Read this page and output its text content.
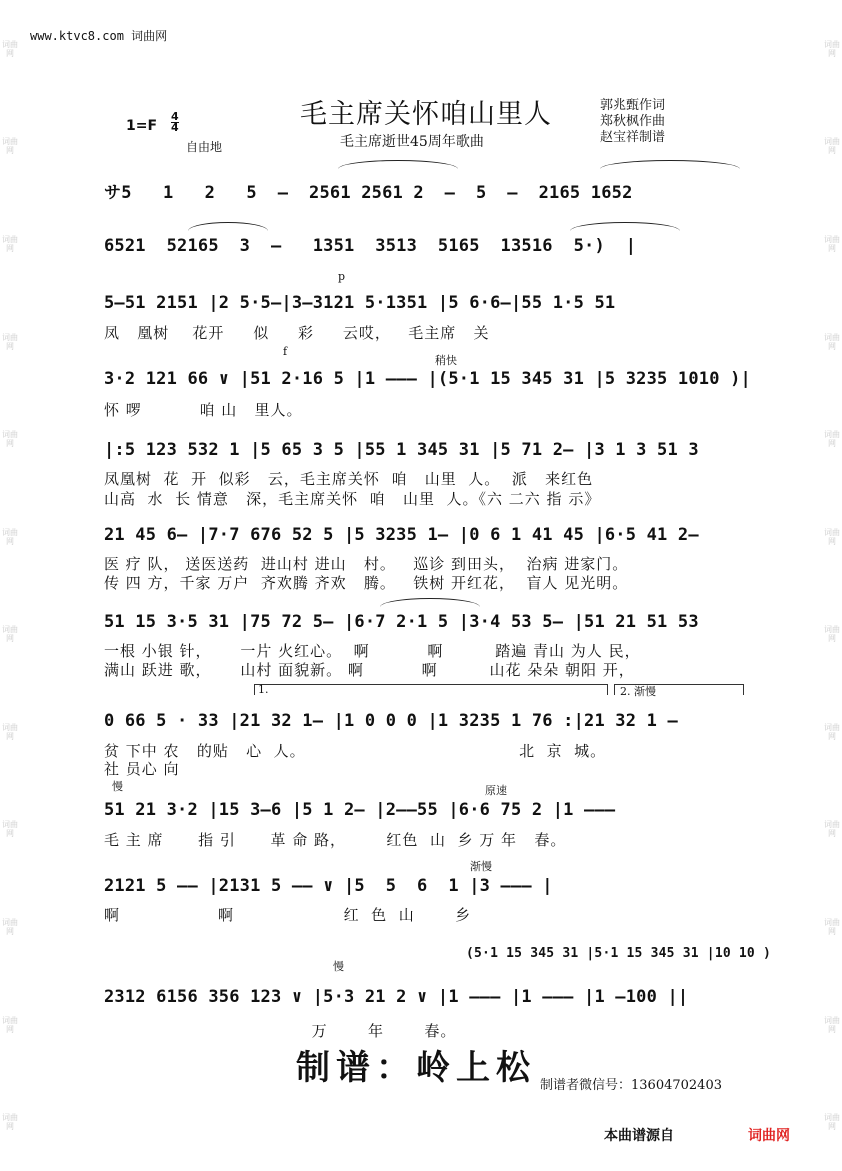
词曲网
词曲网
词曲网
词曲网
词曲网
词曲网
词曲网
词曲网
词曲网
词曲网
词曲网
词曲网
词曲网
词曲网
词曲网
词曲网
词曲网
词曲网
词曲网
词曲网
词曲网
词曲网
词曲网
词曲网
www.ktvc8.com 词曲网
毛主席关怀咱山里人
毛主席逝世45周年歌曲
郭兆甄作词
郑秋枫作曲
赵宝祥制谱
1=F
4
4
自由地
サ5   1   2   5  –  2561 2561 2  –  5  –  2165 1652
6521  52165  3  –   1351  3513  5165  13516  5·)  |
p
5–51 2151 |2 5·5–|3–3121 5·1351 |5 6·6–|55 1·5 51
凤   凰树    花开     似     彩     云哎，   毛主席   关
f
稍快
3·2 121 66 ∨ |51 2·16 5 |1 ––– |(5·1 15 345 31 |5 3235 1010 )|
怀 啰          咱 山   里人。
|:5 123 532 1 |5 65 3 5 |55 1 345 31 |5 71 2– |3 1 3 51 3
凤凰树  花  开  似彩   云，毛主席关怀  咱   山里  人。  派   来红色
山高  水  长 情意   深，毛主席关怀  咱   山里  人。《六 二六 指 示》
21 45 6– |7·7 676 52 5 |5 3235 1– |0 6 1 41 45 |6·5 41 2–
医 疗 队， 送医送药  进山村 进山   村。   巡诊 到田头，  治病 进家门。
传 四 方，千家 万户  齐欢腾 齐欢   腾。   铁树 开红花，  盲人 见光明。
51 15 3·5 31 |75 72 5– |6·7 2·1 5 |3·4 53 5– |51 21 51 53
一根 小银 针，     一片 火红心。  啊          啊         踏遍 青山 为人 民，
满山 跃进 歌，     山村 面貌新。 啊          啊         山花 朵朵 朝阳 开，
1.	2. 渐慢
0 66 5 · 33 |21 32 1– |1 0 0 0 |1 3235 1 76 :|21 32 1 –
贫 下中 农   的贴   心  人。                                     北  京  城。
社 员心 向
慢	原速
51 21 3·2 |15 3–6 |5 1 2– |2––55 |6·6 75 2 |1 –––
毛 主 席      指 引      革 命 路，       红色  山  乡 万 年   春。
渐慢
2121 5 –– |2131 5 –– ∨ |5  5  6  1 |3 ––– |
啊                 啊                   红  色  山       乡
(5·1 15 345 31 |5·1 15 345 31 |10 10 )
慢
2312 6156 356 123 ∨ |5·3 21 2 ∨ |1 ––– |1 ––– |1 –100 ||
万       年       春。
制谱：岭上松 制谱者微信号：13604702403
本曲谱源自	词曲网
